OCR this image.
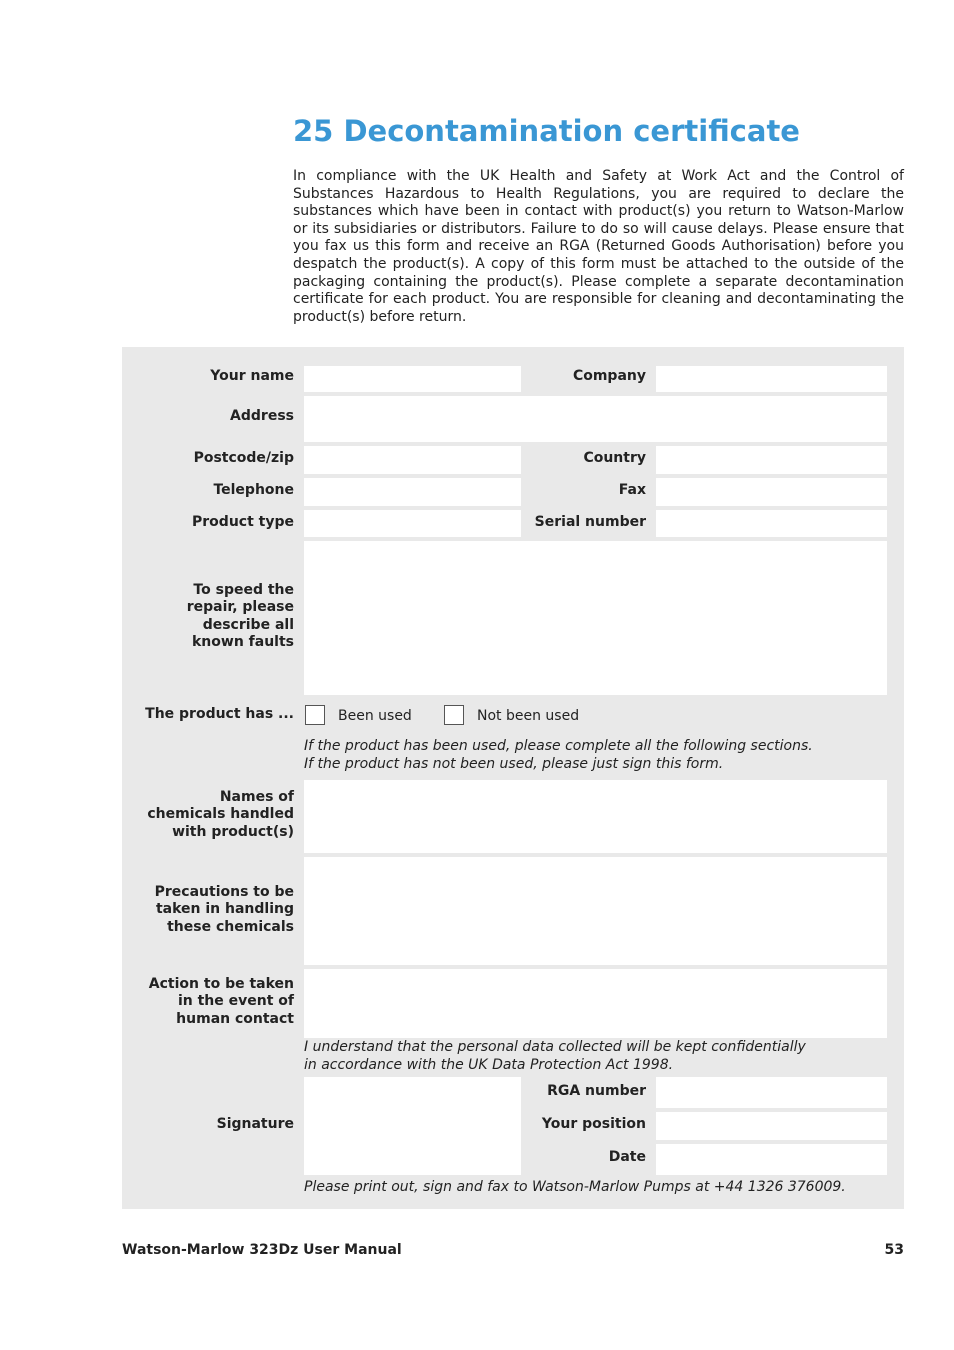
25 Decontamination certificate

In compliance with the UK Health and Safety at Work Act and the Control of Substances Hazardous to Health Regulations, you are required to declare the substances which have been in contact with product(s) you return to Watson-Marlow or its subsidiaries or distributors. Failure to do so will cause delays. Please ensure that you fax us this form and receive an RGA (Returned Goods Authorisation) before you despatch the product(s). A copy of this form must be attached to the outside of the packaging containing the product(s). Please complete a separate decontamination certificate for each product. You are responsible for cleaning and decontaminating the product(s) before return.

Your name	Company
Address
Postcode/zip	Country
Telephone	Fax
Product type	Serial number
To speed the
repair, please
describe all
known faults
The product has ...	Been used	Not been used
If the product has been used, please complete all the following sections.
If the product has not been used, please just sign this form.
Names of
chemicals handled
with product(s)
Precautions to be
taken in handling
these chemicals
Action to be taken
in the event of
human contact
I understand that the personal data collected will be kept confidentially
in accordance with the UK Data Protection Act 1998.
Signature
RGA number
Your position
Date
Please print out, sign and fax to Watson-Marlow Pumps at +44 1326 376009.
Watson-Marlow 323Dz User Manual	53
